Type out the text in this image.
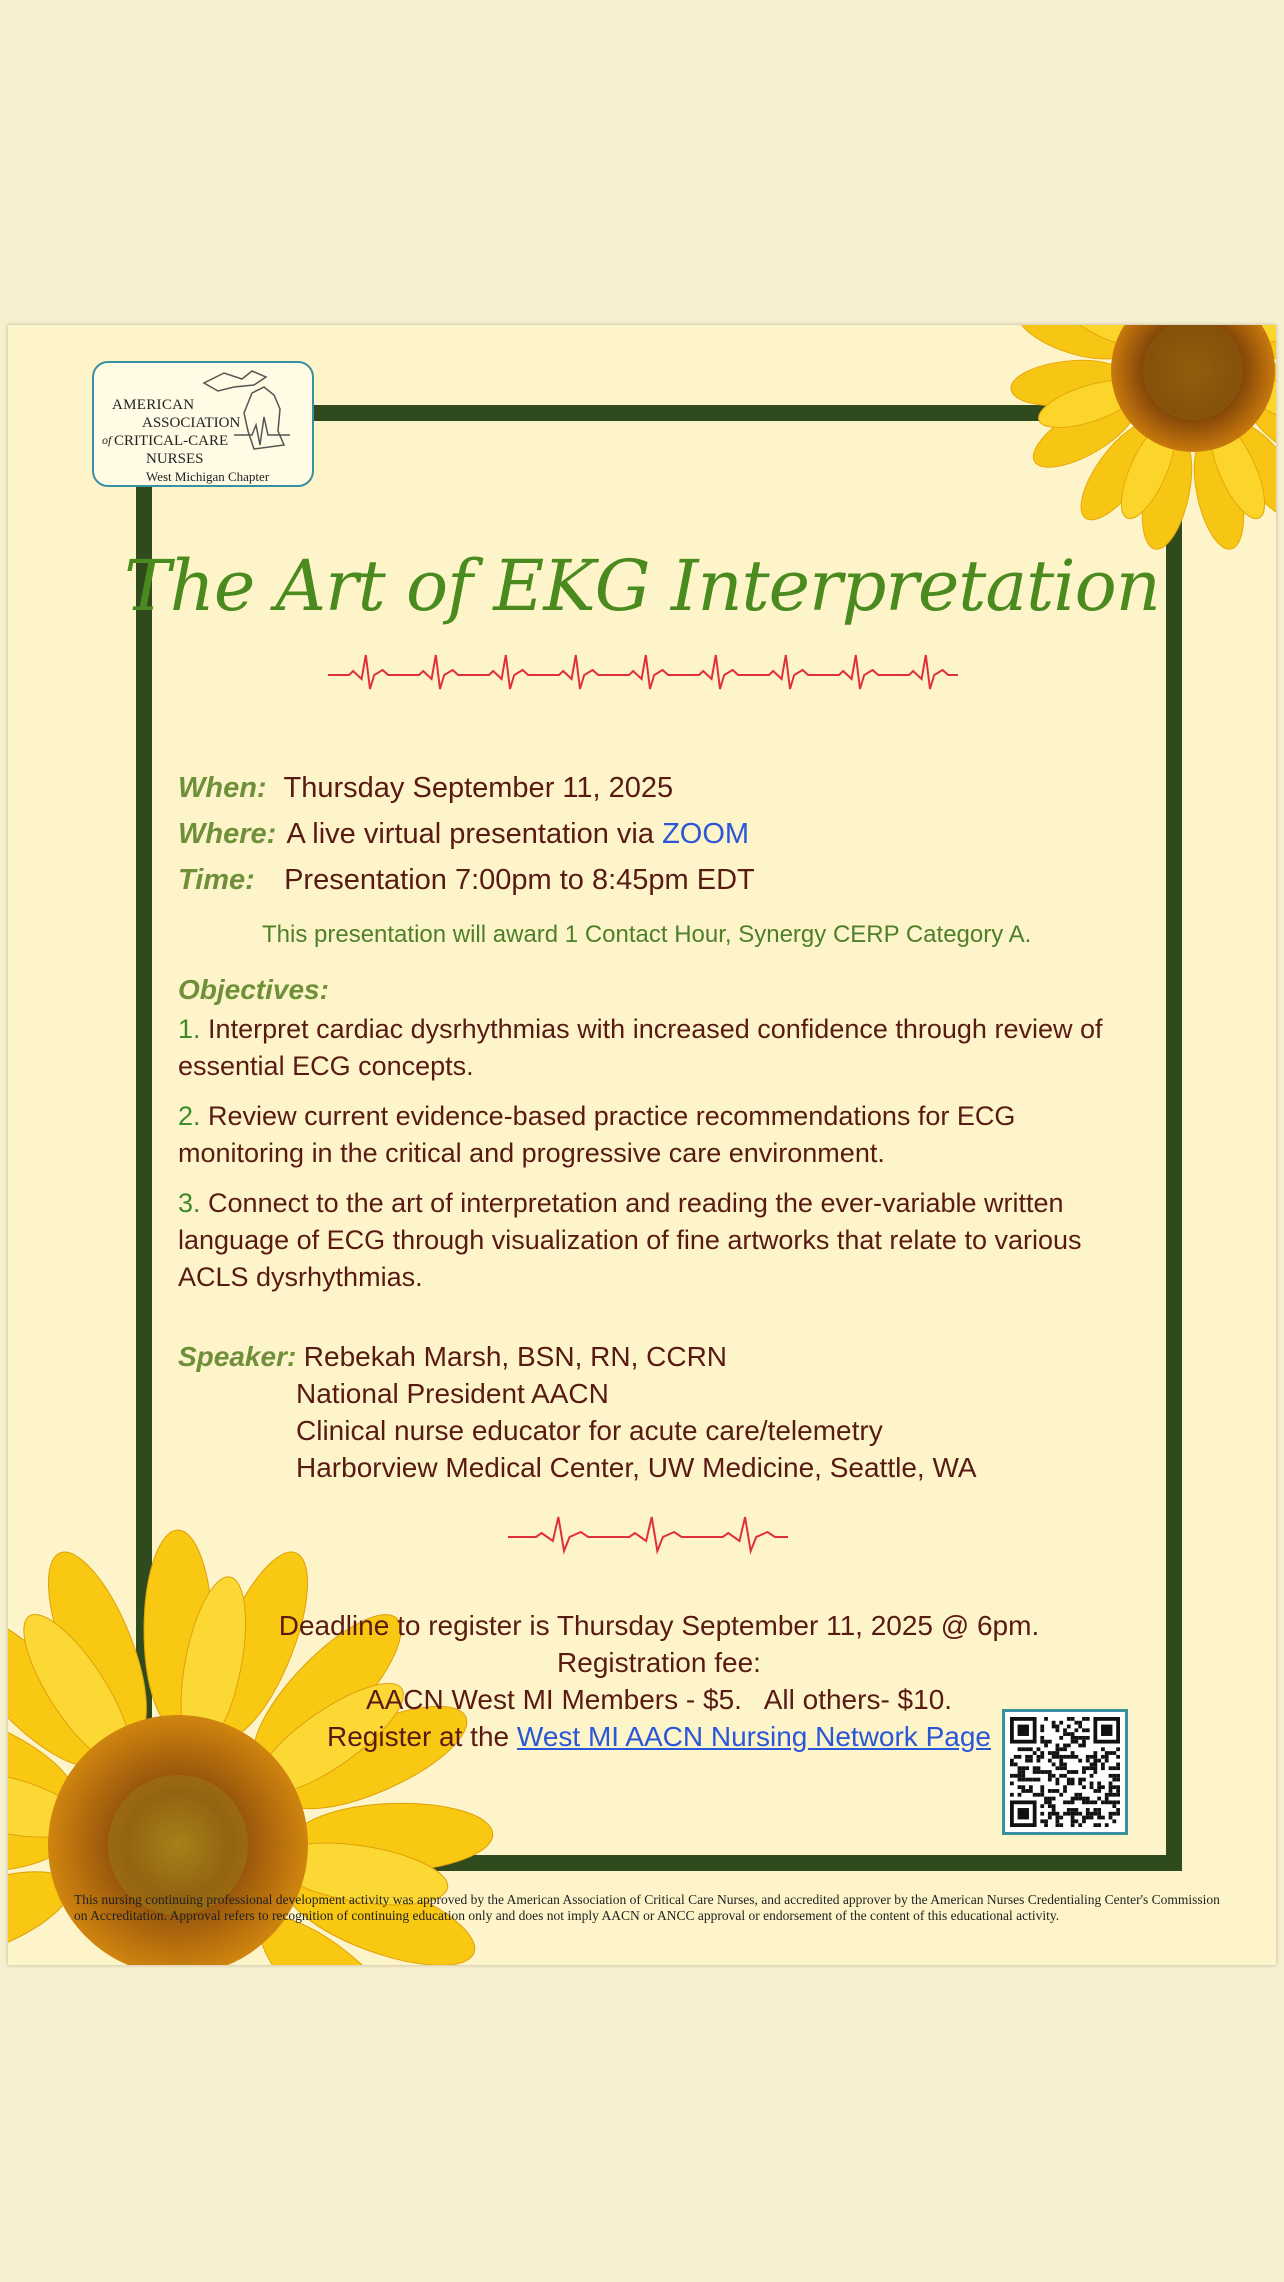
AMERICAN
ASSOCIATION
of CRITICAL-CARE
NURSES
West Michigan Chapter
The Art of EKG Interpretation
When: Thursday September 11, 2025
Where: A live virtual presentation via ZOOM
Time: Presentation 7:00pm to 8:45pm EDT
This presentation will award 1 Contact Hour, Synergy CERP Category A.
Objectives:
1. Interpret cardiac dysrhythmias with increased confidence through review of essential ECG concepts.
2. Review current evidence-based practice recommendations for ECG monitoring in the critical and progressive care environment.
3. Connect to the art of interpretation and reading the ever-variable written language of ECG through visualization of fine artworks that relate to various ACLS dysrhythmias.
Speaker: Rebekah Marsh, BSN, RN, CCRN
National President AACN
Clinical nurse educator for acute care/telemetry
Harborview Medical Center, UW Medicine, Seattle, WA
Deadline to register is Thursday September 11, 2025 @ 6pm.
Registration fee:
AACN West MI Members - $5.   All others- $10.
Register at the West MI AACN Nursing Network Page
This nursing continuing professional development activity was approved by the American Association of Critical Care Nurses, and accredited approver by the American Nurses Credentialing Center's Commission on Accreditation. Approval refers to recognition of continuing education only and does not imply AACN or ANCC approval or endorsement of the content of this educational activity.
